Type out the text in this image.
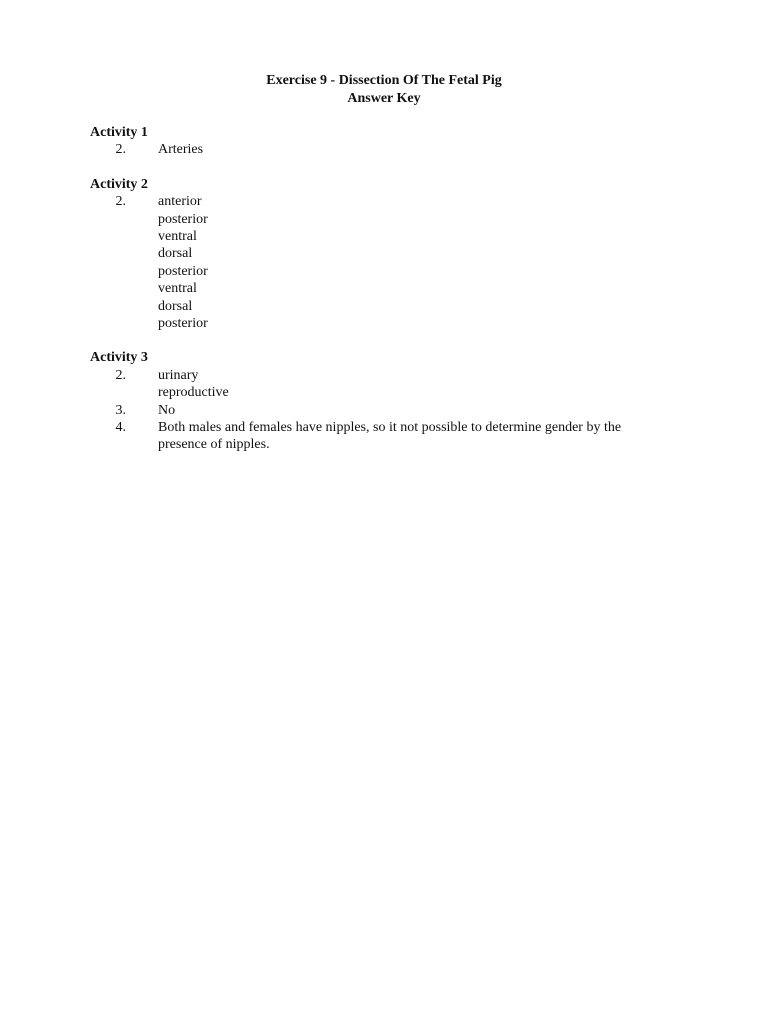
Exercise 9 - Dissection Of The Fetal Pig
Answer Key
Activity 1
2.	Arteries
Activity 2
2.	anterior
posterior
ventral
dorsal
posterior
ventral
dorsal
posterior
Activity 3
2.	urinary
reproductive
3.	No
4.	Both males and females have nipples, so it not possible to determine gender by the
presence of nipples.
